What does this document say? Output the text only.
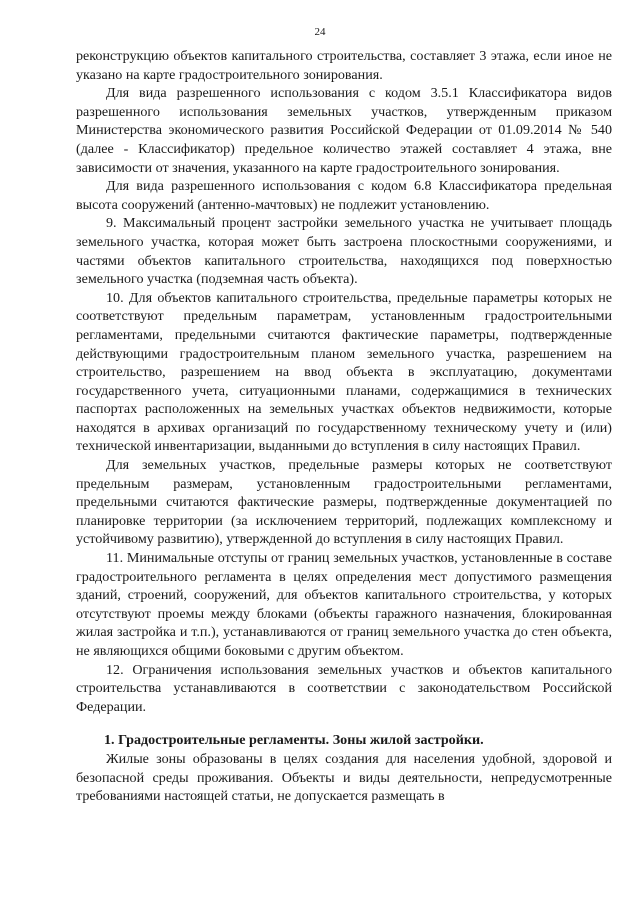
24

реконструкцию объектов капитального строительства, составляет 3 этажа, если иное не указано на карте градостроительного зонирования.

Для вида разрешенного использования с кодом 3.5.1 Классификатора видов разрешенного использования земельных участков, утвержденным приказом Министерства экономического развития Российской Федерации от 01.09.2014 № 540 (далее - Классификатор) предельное количество этажей составляет 4 этажа, вне зависимости от значения, указанного на карте градостроительного зонирования.

Для вида разрешенного использования с кодом 6.8 Классификатора предельная высота сооружений (антенно-мачтовых) не подлежит установлению.

9. Максимальный процент застройки земельного участка не учитывает площадь земельного участка, которая может быть застроена плоскостными сооружениями, и частями объектов капитального строительства, находящихся под поверхностью земельного участка (подземная часть объекта).

10. Для объектов капитального строительства, предельные параметры которых не соответствуют предельным параметрам, установленным градостроительными регламентами, предельными считаются фактические параметры, подтвержденные действующими градостроительным планом земельного участка, разрешением на строительство, разрешением на ввод объекта в эксплуатацию, документами государственного учета, ситуационными планами, содержащимися в технических паспортах расположенных на земельных участках объектов недвижимости, которые находятся в архивах организаций по государственному техническому учету и (или) технической инвентаризации, выданными до вступления в силу настоящих Правил.

Для земельных участков, предельные размеры которых не соответствуют предельным размерам, установленным градостроительными регламентами, предельными считаются фактические размеры, подтвержденные документацией по планировке территории (за исключением территорий, подлежащих комплексному и устойчивому развитию), утвержденной до вступления в силу настоящих Правил.

11. Минимальные отступы от границ земельных участков, установленные в составе градостроительного регламента в целях определения мест допустимого размещения зданий, строений, сооружений, для объектов капитального строительства, у которых отсутствуют проемы между блоками (объекты гаражного назначения, блокированная жилая застройка и т.п.), устанавливаются от границ земельного участка до стен объекта, не являющихся общими боковыми с другим объектом.

12. Ограничения использования земельных участков и объектов капитального строительства устанавливаются в соответствии с законодательством Российской Федерации.

1. Градостроительные регламенты. Зоны жилой застройки.

Жилые зоны образованы в целях создания для населения удобной, здоровой и безопасной среды проживания. Объекты и виды деятельности, непредусмотренные требованиями настоящей статьи, не допускается размещать в
